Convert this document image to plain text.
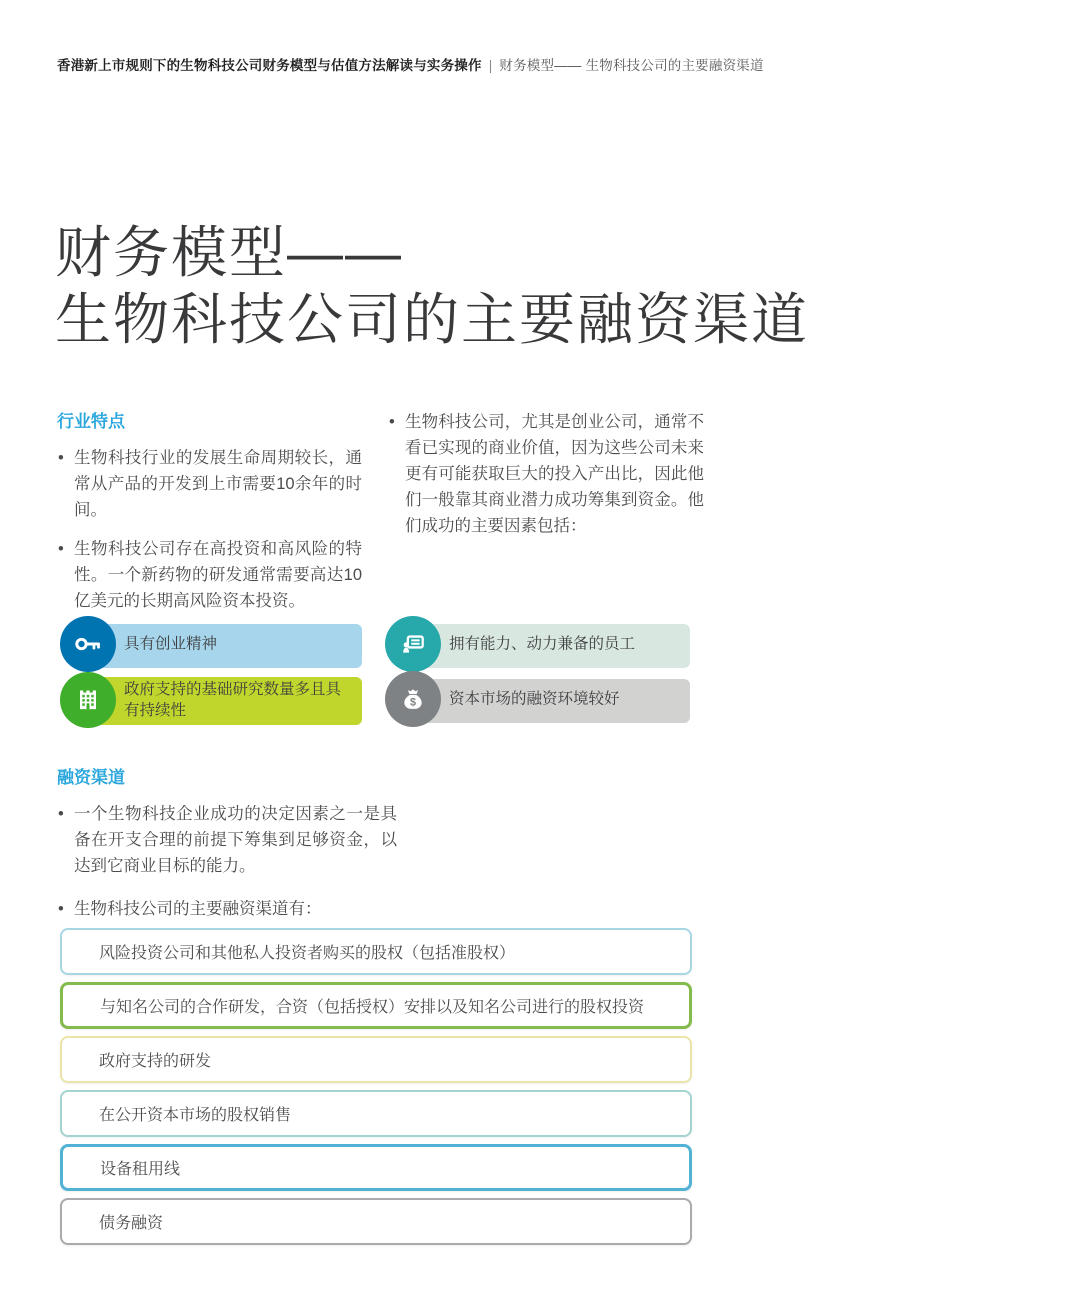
香港新上市规则下的生物科技公司财务模型与估值方法解读与实务操作 | 财务模型—— 生物科技公司的主要融资渠道
财务模型——
生物科技公司的主要融资渠道
行业特点
• 生物科技行业的发展生命周期较长，通常从产品的开发到上市需要10余年的时间。
• 生物科技公司存在高投资和高风险的特性。一个新药物的研发通常需要高达10亿美元的长期高风险资本投资。
• 生物科技公司，尤其是创业公司，通常不看已实现的商业价值，因为这些公司未来更有可能获取巨大的投入产出比，因此他们一般靠其商业潜力成功筹集到资金。他们成功的主要因素包括：
具有创业精神
政府支持的基础研究数量多且具有持续性
拥有能力、动力兼备的员工
$ 资本市场的融资环境较好
融资渠道
• 一个生物科技企业成功的决定因素之一是具备在开支合理的前提下筹集到足够资金，以达到它商业目标的能力。
• 生物科技公司的主要融资渠道有：
风险投资公司和其他私人投资者购买的股权（包括准股权）
与知名公司的合作研发，合资（包括授权）安排以及知名公司进行的股权投资
政府支持的研发
在公开资本市场的股权销售
设备租用线
债务融资
